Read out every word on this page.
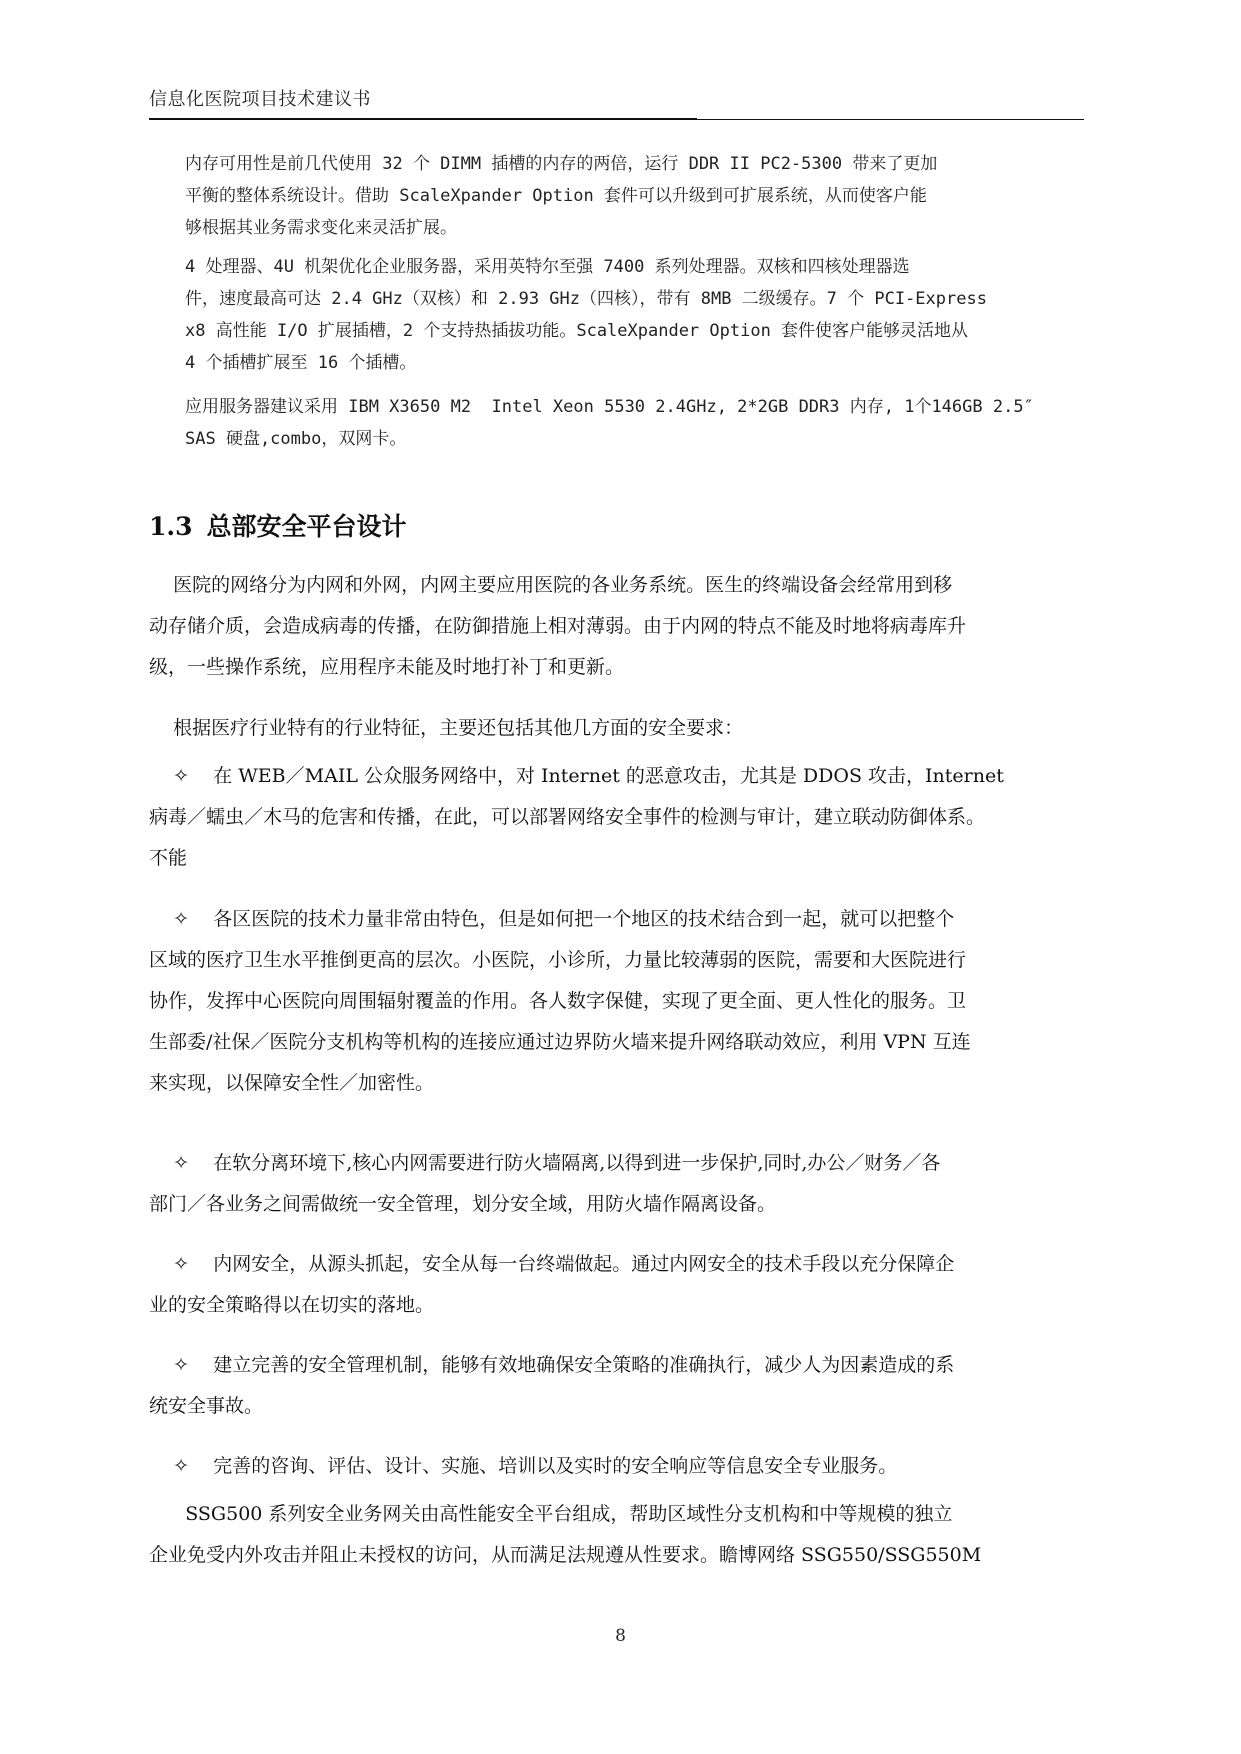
信息化医院项目技术建议书
内存可用性是前几代使用 32 个 DIMM 插槽的内存的两倍，运行 DDR II PC2-5300 带来了更加
平衡的整体系统设计。借助 ScaleXpander Option 套件可以升级到可扩展系统，从而使客户能
够根据其业务需求变化来灵活扩展。
4 处理器、4U 机架优化企业服务器，采用英特尔至强 7400 系列处理器。双核和四核处理器选
件，速度最高可达 2.4 GHz（双核）和 2.93 GHz（四核），带有 8MB 二级缓存。7 个 PCI-Express
x8 高性能 I/O 扩展插槽，2 个支持热插拔功能。ScaleXpander Option 套件使客户能够灵活地从
4 个插槽扩展至 16 个插槽。
应用服务器建议采用 IBM X3650 M2  Intel Xeon 5530 2.4GHz, 2*2GB DDR3 内存, 1个146GB 2.5″
SAS 硬盘,combo，双网卡。
1.3 总部安全平台设计
医院的网络分为内网和外网，内网主要应用医院的各业务系统。医生的终端设备会经常用到移
动存储介质，会造成病毒的传播，在防御措施上相对薄弱。由于内网的特点不能及时地将病毒库升
级，一些操作系统，应用程序未能及时地打补丁和更新。
根据医疗行业特有的行业特征，主要还包括其他几方面的安全要求：
✧    在 WEB／MAIL 公众服务网络中，对 Internet 的恶意攻击，尤其是 DDOS 攻击，Internet
病毒／蠕虫／木马的危害和传播，在此，可以部署网络安全事件的检测与审计，建立联动防御体系。
不能
✧    各区医院的技术力量非常由特色，但是如何把一个地区的技术结合到一起，就可以把整个
区域的医疗卫生水平推倒更高的层次。小医院，小诊所，力量比较薄弱的医院，需要和大医院进行
协作，发挥中心医院向周围辐射覆盖的作用。各人数字保健，实现了更全面、更人性化的服务。卫
生部委/社保／医院分支机构等机构的连接应通过边界防火墙来提升网络联动效应，利用 VPN 互连
来实现，以保障安全性／加密性。
✧    在软分离环境下,核心内网需要进行防火墙隔离,以得到进一步保护,同时,办公／财务／各
部门／各业务之间需做统一安全管理，划分安全域，用防火墙作隔离设备。
✧    内网安全，从源头抓起，安全从每一台终端做起。通过内网安全的技术手段以充分保障企
业的安全策略得以在切实的落地。
✧    建立完善的安全管理机制，能够有效地确保安全策略的准确执行，减少人为因素造成的系
统安全事故。
✧    完善的咨询、评估、设计、实施、培训以及实时的安全响应等信息安全专业服务。
SSG500 系列安全业务网关由高性能安全平台组成，帮助区域性分支机构和中等规模的独立
企业免受内外攻击并阻止未授权的访问，从而满足法规遵从性要求。瞻博网络 SSG550/SSG550M
8
